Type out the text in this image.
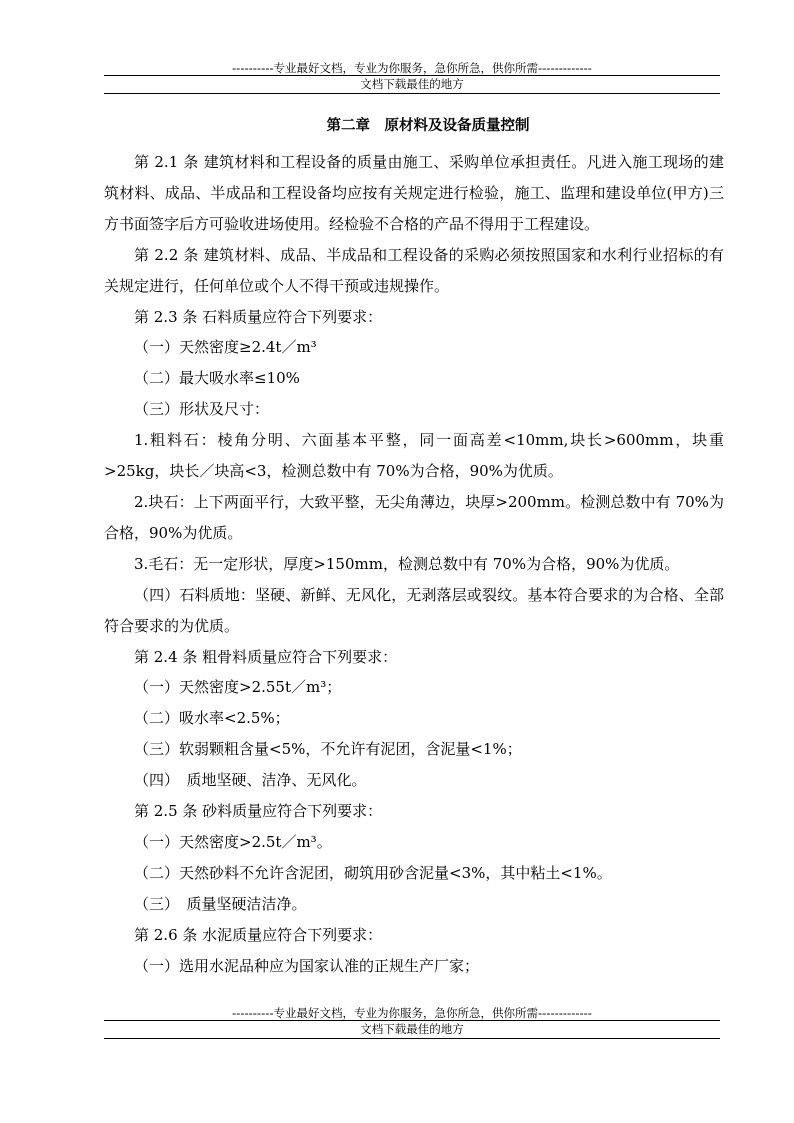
----------专业最好文档，专业为你服务，急你所急，供你所需-------------
文档下载最佳的地方
第二章　原材料及设备质量控制

第 2.1 条 建筑材料和工程设备的质量由施工、采购单位承担责任。凡进入施工现场的建筑材料、成品、半成品和工程设备均应按有关规定进行检验，施工、监理和建设单位(甲方)三方书面签字后方可验收进场使用。经检验不合格的产品不得用于工程建设。

第 2.2 条 建筑材料、成品、半成品和工程设备的采购必须按照国家和水利行业招标的有关规定进行，任何单位或个人不得干预或违规操作。

第 2.3 条 石料质量应符合下列要求：

（一）天然密度≥2.4t／m³

（二）最大吸水率≤10%

（三）形状及尺寸：

1.粗料石：棱角分明、六面基本平整，同一面高差<10mm,块长>600mm，块重>25kg，块长／块高<3，检测总数中有 70%为合格，90%为优质。

2.块石：上下两面平行，大致平整，无尖角薄边，块厚>200mm。检测总数中有 70%为合格，90%为优质。

3.毛石：无一定形状，厚度>150mm，检测总数中有 70%为合格，90%为优质。

（四）石料质地：坚硬、新鲜、无风化，无剥落层或裂纹。基本符合要求的为合格、全部符合要求的为优质。

第 2.4 条 粗骨料质量应符合下列要求：

（一）天然密度>2.55t／m³；

（二）吸水率<2.5%；

（三）软弱颗粗含量<5%，不允许有泥团，含泥量<1%；

（四）　质地坚硬、洁净、无风化。

第 2.5 条 砂料质量应符合下列要求：

（一）天然密度>2.5t／m³。

（二）天然砂料不允许含泥团，砌筑用砂含泥量<3%，其中粘土<1%。

（三）　质量坚硬洁洁净。

第 2.6 条 水泥质量应符合下列要求：

（一）选用水泥品种应为国家认准的正规生产厂家；

----------专业最好文档，专业为你服务，急你所急，供你所需-------------
文档下载最佳的地方
